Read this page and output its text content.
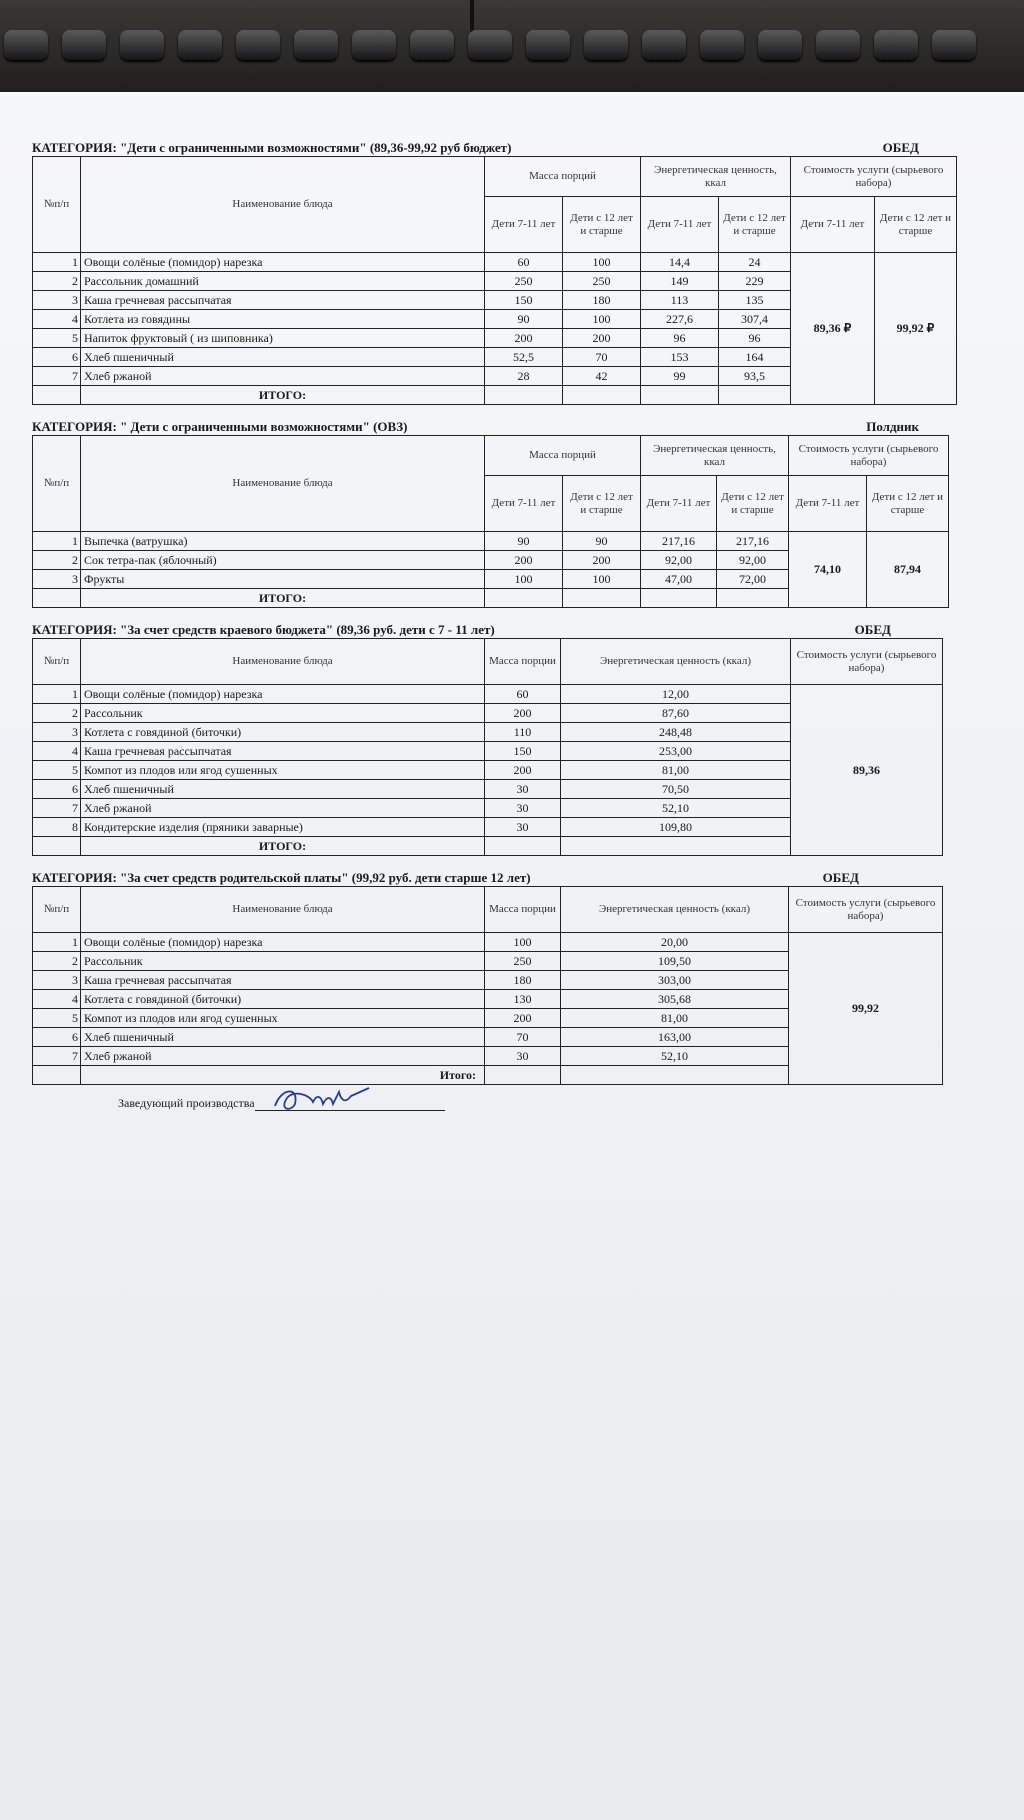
КАТЕГОРИЯ: "Дети с ограниченными возможностями" (89,36-99,92 руб бюджет)	ОБЕД
№п/п	Наименование блюда	Масса порций		Энергетическая ценность, ккал		Стоимость услуги (сырьевого набора)	
		Дети 7-11 лет	Дети с 12 лет и старше	Дети 7-11 лет	Дети с 12 лет и старше	Дети 7-11 лет	Дети с 12 лет и старше
1	Овощи солёные (помидор) нарезка	60	100	14,4	24	89,36 ₽	99,92 ₽
2	Рассольник домашний	250	250	149	229		
3	Каша гречневая рассыпчатая	150	180	113	135		
4	Котлета из говядины	90	100	227,6	307,4		
5	Напиток фруктовый ( из шиповника)	200	200	96	96		
6	Хлеб пшеничный	52,5	70	153	164		
7	Хлеб ржаной	28	42	99	93,5		
	ИТОГО:						
КАТЕГОРИЯ: " Дети с ограниченными возможностями" (ОВЗ)	Полдник
№п/п	Наименование блюда	Масса порций		Энергетическая ценность, ккал		Стоимость услуги (сырьевого набора)	
		Дети 7-11 лет	Дети с 12 лет и старше	Дети 7-11 лет	Дети с 12 лет и старше	Дети 7-11 лет	Дети с 12 лет и старше
1	Выпечка (ватрушка)	90	90	217,16	217,16	74,10	87,94
2	Сок тетра-пак (яблочный)	200	200	92,00	92,00		
3	Фрукты	100	100	47,00	72,00		
	ИТОГО:						
КАТЕГОРИЯ: "За счет средств краевого бюджета" (89,36 руб. дети с 7 - 11 лет)	ОБЕД
№п/п	Наименование блюда	Масса порции	Энергетическая ценность (ккал)	Стоимость услуги (сырьевого набора)
1	Овощи солёные (помидор) нарезка	60	12,00	89,36
2	Рассольник	200	87,60	
3	Котлета с говядиной (биточки)	110	248,48	
4	Каша гречневая рассыпчатая	150	253,00	
5	Компот из плодов или ягод сушенных	200	81,00	
6	Хлеб пшеничный	30	70,50	
7	Хлеб ржаной	30	52,10	
8	Кондитерские изделия (пряники заварные)	30	109,80	
	ИТОГО:			
КАТЕГОРИЯ: "За счет средств родительской платы" (99,92 руб. дети старше 12 лет)	ОБЕД
№п/п	Наименование блюда	Масса порции	Энергетическая ценность (ккал)	Стоимость услуги (сырьевого набора)
1	Овощи солёные (помидор) нарезка	100	20,00	99,92
2	Рассольник	250	109,50	
3	Каша гречневая рассыпчатая	180	303,00	
4	Котлета с говядиной (биточки)	130	305,68	
5	Компот из плодов или ягод сушенных	200	81,00	
6	Хлеб пшеничный	70	163,00	
7	Хлеб ржаной	30	52,10	
	Итого:			
Заведующий производства
